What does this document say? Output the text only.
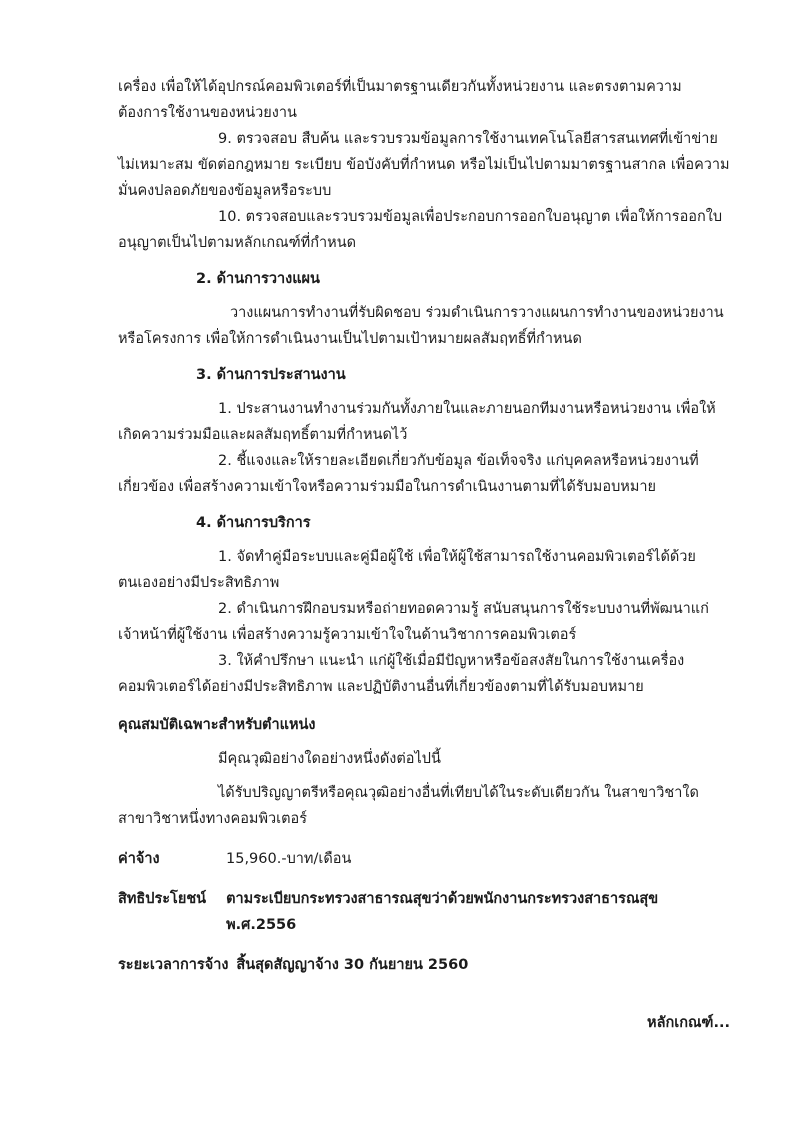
เครื่อง เพื่อให้ได้อุปกรณ์คอมพิวเตอร์ที่เป็นมาตรฐานเดียวกันทั้งหน่วยงาน และตรงตามความต้องการใช้งานของหน่วยงาน

9. ตรวจสอบ สืบค้น และรวบรวมข้อมูลการใช้งานเทคโนโลยีสารสนเทศที่เข้าข่ายไม่เหมาะสม ขัดต่อกฎหมาย ระเบียบ ข้อบังคับที่กำหนด หรือไม่เป็นไปตามมาตรฐานสากล เพื่อความมั่นคงปลอดภัยของข้อมูลหรือระบบ

10. ตรวจสอบและรวบรวมข้อมูลเพื่อประกอบการออกใบอนุญาต เพื่อให้การออกใบอนุญาตเป็นไปตามหลักเกณฑ์ที่กำหนด

2. ด้านการวางแผน

วางแผนการทำงานที่รับผิดชอบ ร่วมดำเนินการวางแผนการทำงานของหน่วยงานหรือโครงการ เพื่อให้การดำเนินงานเป็นไปตามเป้าหมายผลสัมฤทธิ์ที่กำหนด

3. ด้านการประสานงาน

1. ประสานงานทำงานร่วมกันทั้งภายในและภายนอกทีมงานหรือหน่วยงาน เพื่อให้เกิดความร่วมมือและผลสัมฤทธิ์ตามที่กำหนดไว้

2. ชี้แจงและให้รายละเอียดเกี่ยวกับข้อมูล ข้อเท็จจริง แก่บุคคลหรือหน่วยงานที่เกี่ยวข้อง เพื่อสร้างความเข้าใจหรือความร่วมมือในการดำเนินงานตามที่ได้รับมอบหมาย

4. ด้านการบริการ

1. จัดทำคู่มือระบบและคู่มือผู้ใช้ เพื่อให้ผู้ใช้สามารถใช้งานคอมพิวเตอร์ได้ด้วยตนเองอย่างมีประสิทธิภาพ

2. ดำเนินการฝึกอบรมหรือถ่ายทอดความรู้ สนับสนุนการใช้ระบบงานที่พัฒนาแก่เจ้าหน้าที่ผู้ใช้งาน เพื่อสร้างความรู้ความเข้าใจในด้านวิชาการคอมพิวเตอร์

3. ให้คำปรึกษา แนะนำ แก่ผู้ใช้เมื่อมีปัญหาหรือข้อสงสัยในการใช้งานเครื่องคอมพิวเตอร์ได้อย่างมีประสิทธิภาพ และปฏิบัติงานอื่นที่เกี่ยวข้องตามที่ได้รับมอบหมาย

คุณสมบัติเฉพาะสำหรับตำแหน่ง

มีคุณวุฒิอย่างใดอย่างหนึ่งดังต่อไปนี้

ได้รับปริญญาตรีหรือคุณวุฒิอย่างอื่นที่เทียบได้ในระดับเดียวกัน ในสาขาวิชาใด สาขาวิชาหนึ่งทางคอมพิวเตอร์

ค่าจ้าง	15,960.-บาท/เดือน
สิทธิประโยชน์	ตามระเบียบกระทรวงสาธารณสุขว่าด้วยพนักงานกระทรวงสาธารณสุข พ.ศ.2556
ระยะเวลาการจ้าง สิ้นสุดสัญญาจ้าง 30 กันยายน 2560
หลักเกณฑ์...
